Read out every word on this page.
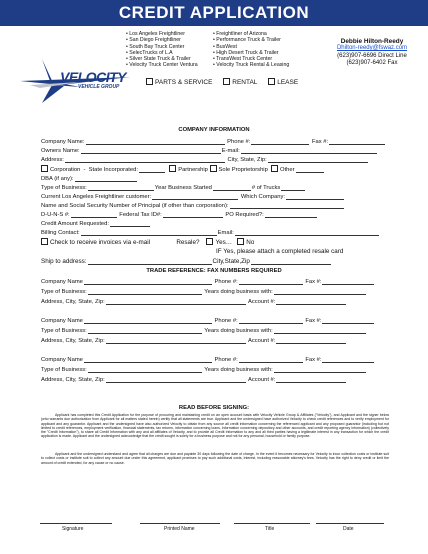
CREDIT APPLICATION
VELOCITY
VEHICLE GROUP
• Los Angeles Freightliner
• San Diego Freightliner
• South Bay Truck Center
• SelecTrucks of L.A
• Silver State Truck & Trailer
• Velocity Truck Center Ventura
• Freightliner of Arizona
• Performance Truck & Trailer
• BusWest
• High Desert Truck & Trailer
• TransWest Truck Center
• Velocity Truck Rental & Leasing
Debbie Hilton-Reedy
Dhilton-reedy@fswaz.com
(623)907-6696 Direct Line
(623)907-6402 Fax
PARTS & SERVICE	RENTAL	LEASE
COMPANY INFORMATION
Company Name:	Phone #:	Fax #:
Owners Name:	E-mail:
Address:	City, State, Zip:
Corporation  -  State Incorporated:	Partnership Sole Proprietorship Other
DBA (if any):
Type of Business:	Year Business Started	# of Trucks
Current Los Angeles Freightliner customer:	Which Company:
Name and Social Security Number of Principal (if other than corporation):
D-U-N-S #:	Federal Tax ID#:	PO Required?:
Credit Amount Requested:
Billing Contact:	Email:
Check to receive invoices via e-mail	Resale?	Yes… No
IF Yes, please attach a completed resale card
Ship to address:	City,State,Zip
TRADE REFERENCE: FAX NUMBERS REQUIRED
Company Name	Phone #:	Fax #:
Type of Business:	Years doing business with:
Address, City, State, Zip:	Account #:
Company Name	Phone #:	Fax #:
Type of Business:	Years doing business with:
Address, City, State, Zip:	Account #:
Company Name	Phone #:	Fax #:
Type of Business:	Years doing business with:
Address, City, State, Zip:	Account #:
READ BEFORE SIGNING:
Applicant has completed this Credit Application for the purpose of procuring and maintaining credit on an open account basis with Velocity Vehicle Group & Affiliates ("Velocity"), and Applicant and the signer below (who warrants due authorization from Applicant for all matters stated herein) certify that all statements are true. Applicant and the undersigned have authorized Velocity to check credit references and to verify employment for applicant and any guarantor. Applicant and the undersigned have also authorized Velocity to obtain from any source all credit information concerning the referenced applicant and any proposed guarantor (including but not limited to credit references, employment verification, financial statements, tax returns, information concerning loans, information concerning depository and other accounts, and credit reporting agency information) (collectively the "Credit Information"), to share all Credit Information with any and all affiliates of Velocity, and to provide all Credit Information to any and all third parties having a legitimate interest in any transaction for which the credit application is made. Applicant and the undersigned acknowledge that the credit sought is solely for a business purpose and not for any personal, household or family purpose.
Applicant and the undersigned understand and agree that all charges are due and payable 30 days following the date of charge. In the event it becomes necessary for Velocity to incur collection costs or institute suit to collect costs or institute suit to collect any amount due under this agreement, applicant promises to pay such additional costs, interest, including reasonable attorney's fees. Velocity has the right to deny credit or limit the amount of credit extended, for any cause or no cause.
Signature	Printed Name	Title	Date
